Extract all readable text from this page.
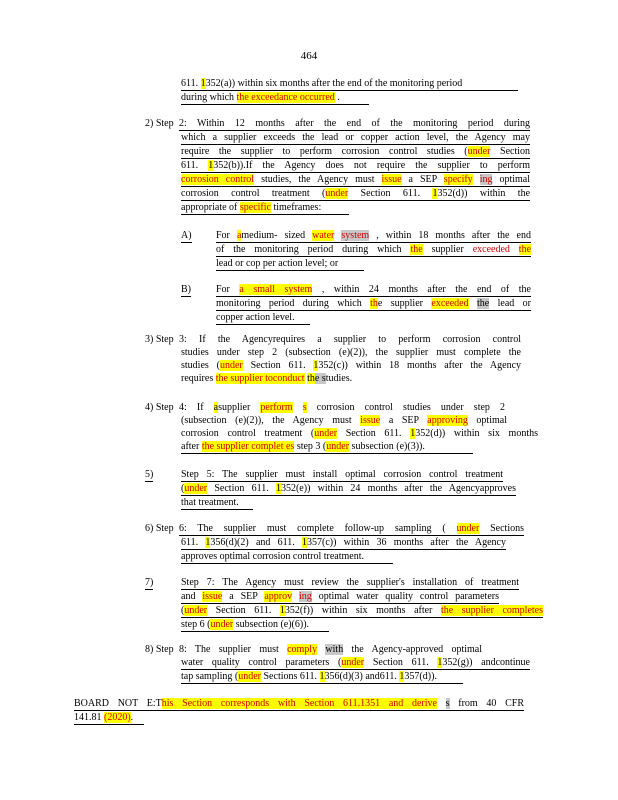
464
611. 1352(a)) within six months after the end of the monitoring period
during which the exceedance occurred .
2) Step 2: Within 12 months after the end of the monitoring period during
which a supplier exceeds the lead or copper action level, the Agency may
require the supplier to perform corrosion control studies (under Section
611. 1352(b)).If the Agency does not require the supplier to perform
corrosion control studies, the Agency must issue a SEP specify ing optimal
corrosion control treatment (under Section 611. 1352(d)) within the
appropriate of specific timeframes:
A) For amedium- sized water system , within 18 months after the end
of the monitoring period during which the supplier exceeded the
lead or cop per action level; or
B)	For a small system , within 24 months after the end of the
monitoring period during which the supplier exceeded the lead or
copper action level.
3) Step 3: If the Agencyrequires a supplier to perform corrosion control
studies under step 2 (subsection (e)(2)), the supplier must complete the
studies (under Section 611. 1352(c)) within 18 months after the Agency
requires the supplier toconduct the studies.
4) Step 4: If asupplier perform s corrosion control studies under step 2
(subsection (e)(2)), the Agency must issue a SEP approving optimal
corrosion control treatment (under Section 611. 1352(d)) within six months
after the supplier complet es step 3 (under subsection (e)(3)).
5)	Step 5: The supplier must install optimal corrosion control treatment
(under Section 611. 1352(e)) within 24 months after the Agencyapproves
that treatment.
6) Step 6: The supplier must complete follow-up sampling ( under Sections
611. 1356(d)(2) and 611. 1357(c)) within 36 months after the Agency
approves optimal corrosion control treatment.
7)	Step 7: The Agency must review the supplier's installation of treatment
and issue a SEP approv ing optimal water quality control parameters
(under Section 611. 1352(f)) within six months after the supplier completes
step 6 (under subsection (e)(6)).
8) Step 8: The supplier must comply with the Agency-approved optimal
water quality control parameters (under Section 611. 1352(g)) andcontinue
tap sampling (under Sections 611. 1356(d)(3) and611. 1357(d)).
BOARD NOT E:This Section corresponds with Section 611.1351 and derive s from 40 CFR
141.81 (2020).
